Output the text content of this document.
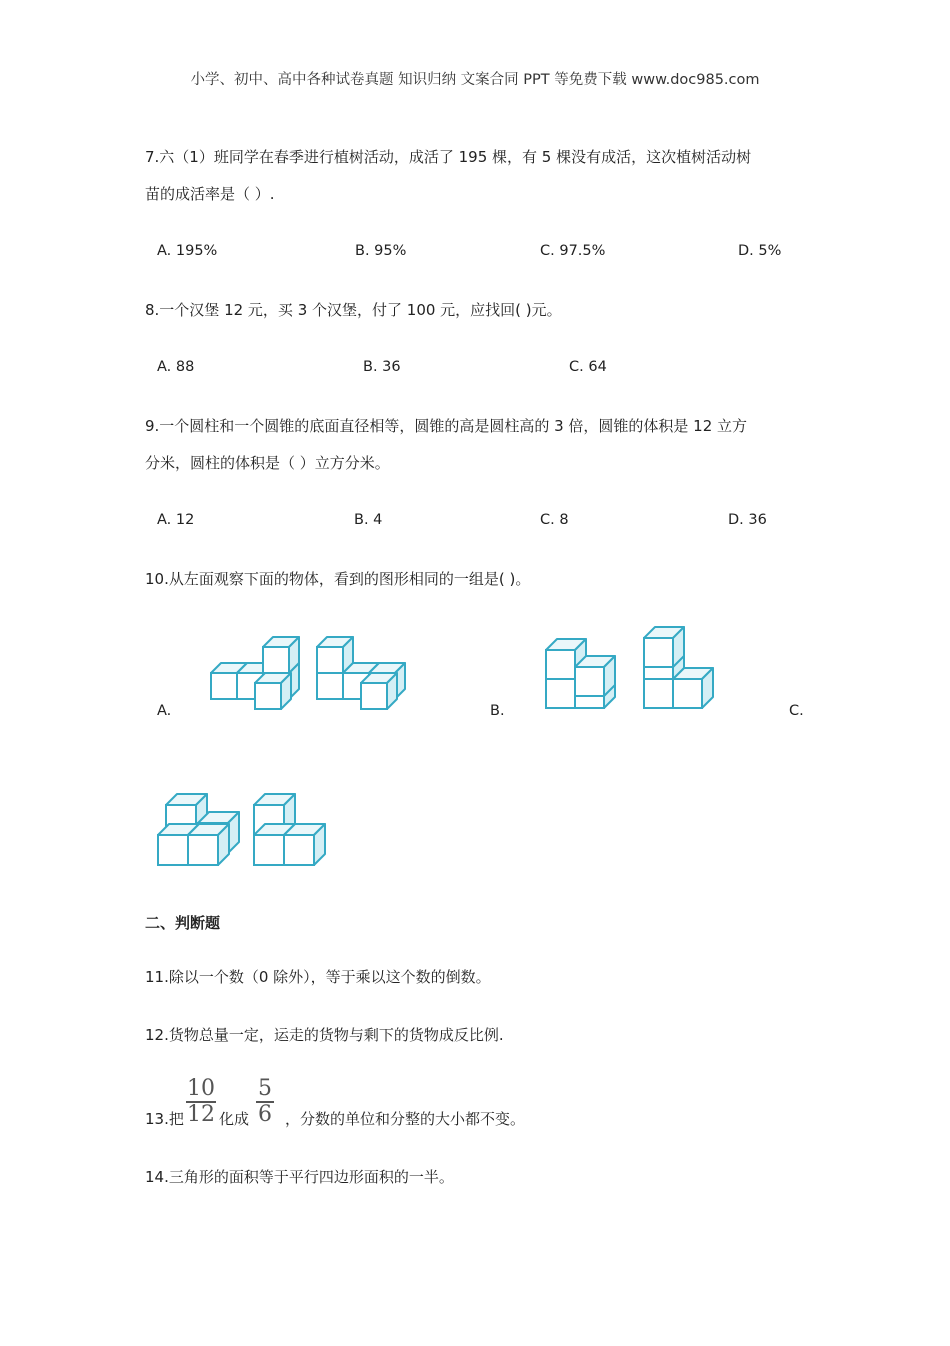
小学、初中、高中各种试卷真题 知识归纳 文案合同 PPT 等免费下载 www.doc985.com
7.六（1）班同学在春季进行植树活动，成活了 195 棵，有 5 棵没有成活，这次植树活动树
苗的成活率是（ ）.
A. 195%	B. 95%	C. 97.5%	D. 5%
8.一个汉堡 12 元，买 3 个汉堡，付了 100 元，应找回( )元。
A. 88	B. 36	C. 64
9.一个圆柱和一个圆锥的底面直径相等，圆锥的高是圆柱高的 3 倍，圆锥的体积是 12 立方
分米，圆柱的体积是（ ）立方分米。
A. 12	B. 4	C. 8	D. 36
10.从左面观察下面的物体，看到的图形相同的一组是( )。
A.	B.	C.
二、判断题
11.除以一个数（0 除外），等于乘以这个数的倒数。
12.货物总量一定，运走的货物与剩下的货物成反比例.
13.把
10
12 化成
5
6 ，分数的单位和分整的大小都不变。
14.三角形的面积等于平行四边形面积的一半。
